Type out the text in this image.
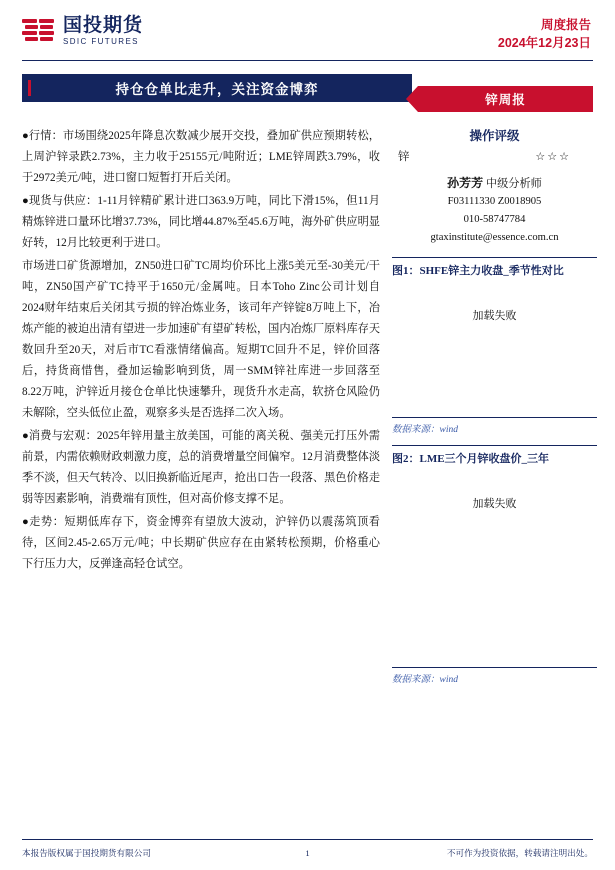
国投期货
SDIC FUTURES
周度报告
2024年12月23日
持仓仓单比走升，关注资金博弈
锌周报

●行情：市场围绕2025年降息次数减少展开交投，叠加矿供应预期转松，上周沪锌录跌2.73%，主力收于25155元/吨附近；LME锌周跌3.79%，收于2972美元/吨，进口窗口短暂打开后关闭。

●现货与供应：1-11月锌精矿累计进口363.9万吨，同比下滑15%，但11月精炼锌进口量环比增37.73%，同比增44.87%至45.6万吨，海外矿供应明显好转，12月比较更利于进口。

市场进口矿货源增加，ZN50进口矿TC周均价环比上涨5美元至-30美元/干吨，ZN50国产矿TC持平于1650元/金属吨。日本Toho Zinc公司计划自2024财年结束后关闭其亏损的锌冶炼业务，该司年产锌锭8万吨上下，冶炼产能的被迫出清有望进一步加速矿有望矿转松，国内冶炼厂原料库存天数回升至20天，对后市TC看涨情绪偏高。短期TC回升不足，锌价回落后，持货商惜售，叠加运输影响到货，周一SMM锌社库进一步回落至8.22万吨，沪锌近月接仓仓单比快速攀升，现货升水走高，软挤仓风险仍未解除，空头低位止盈，观察多头是否选择二次入场。

●消费与宏观：2025年锌用量主放美国，可能的离关税、强美元打压外需前景，内需依赖财政刺激力度，总的消费增量空间偏窄。12月消费整体淡季不淡，但天气转冷、以旧换新临近尾声，抢出口告一段落、黑色价格走弱等因素影响，消费端有顶性，但对高价修支撑不足。

●走势：短期低库存下，资金博弈有望放大波动，沪锌仍以震荡筑顶看待，区间2.45-2.65万元/吨；中长期矿供应存在由紧转松预期，价格重心下行压力大，反弹逢高轻仓试空。

操作评级
锌	☆☆☆
孙芳芳 中级分析师
F03111330 Z0018905
010-58747784
gtaxinstitute@essence.com.cn
图1：SHFE锌主力收盘_季节性对比
加载失败
数据来源：wind
图2：LME三个月锌收盘价_三年
加载失败
数据来源：wind
本报告版权属于国投期货有限公司	1	不可作为投资依据，转载请注明出处。
